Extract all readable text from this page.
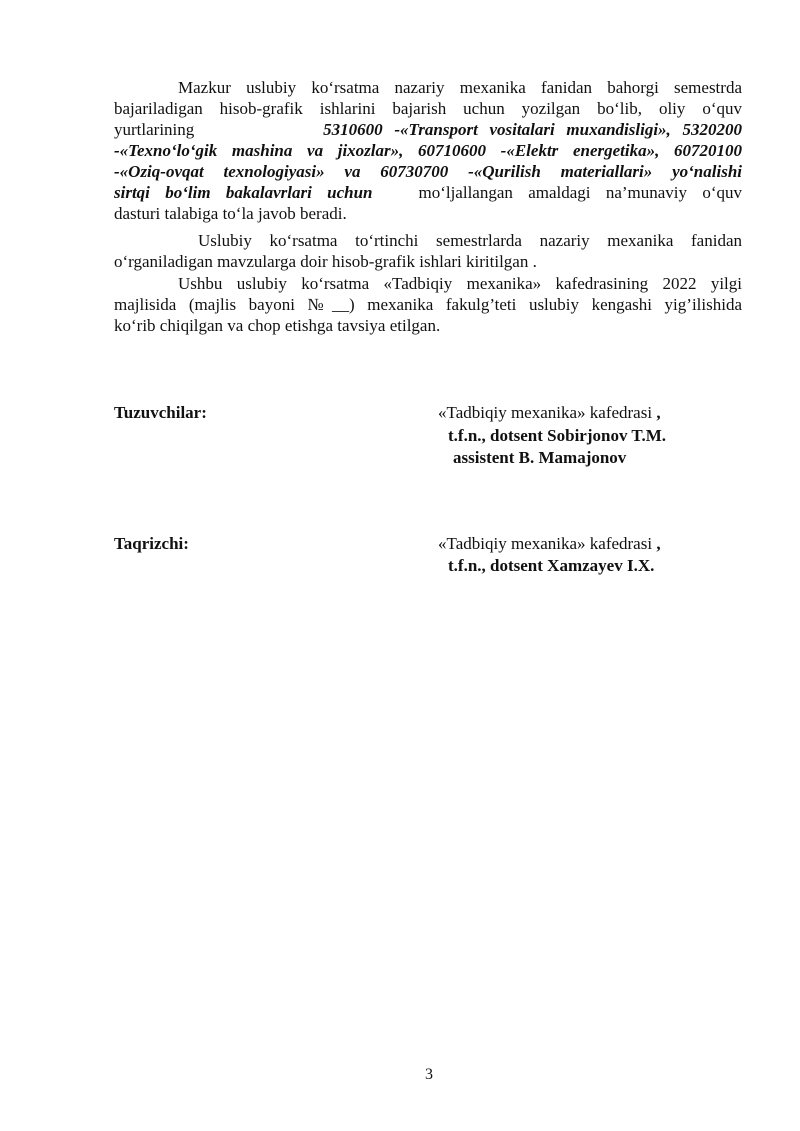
Mazkur uslubiy ko‘rsatma nazariy mexanika fanidan bahorgi semestrda
bajariladigan hisob-grafik ishlarini bajarish uchun yozilgan bo‘lib, oliy o‘quv
yurtlarining	5310600 -«Transport vositalari muxandisligi», 5320200
-«Texno‘lo‘gik mashina va jixozlar», 60710600 -«Elektr energetika», 60720100
-«Oziq-ovqat texnologiyasi» va 60730700 -«Qurilish materiallari» yo‘nalishi
sirtqi bo‘lim bakalavrlari uchun	mo‘ljallangan amaldagi na’munaviy o‘quv
dasturi talabiga to‘la javob beradi.
Uslubiy ko‘rsatma to‘rtinchi semestrlarda nazariy mexanika fanidan
o‘rganiladigan mavzularga doir hisob-grafik ishlari kiritilgan .
Ushbu uslubiy ko‘rsatma «Tadbiqiy mexanika» kafedrasining 2022 yilgi
majlisida (majlis bayoni №__) mexanika fakulg’teti uslubiy kengashi yig’ilishida
ko‘rib chiqilgan va chop etishga tavsiya etilgan.
Tuzuvchilar:	«Tadbiqiy mexanika» kafedrasi ,
t.f.n., dotsent Sobirjonov T.M.
assistent B. Mamajonov
Taqrizchi:	«Tadbiqiy mexanika» kafedrasi ,
t.f.n., dotsent Xamzayev I.X.
3
